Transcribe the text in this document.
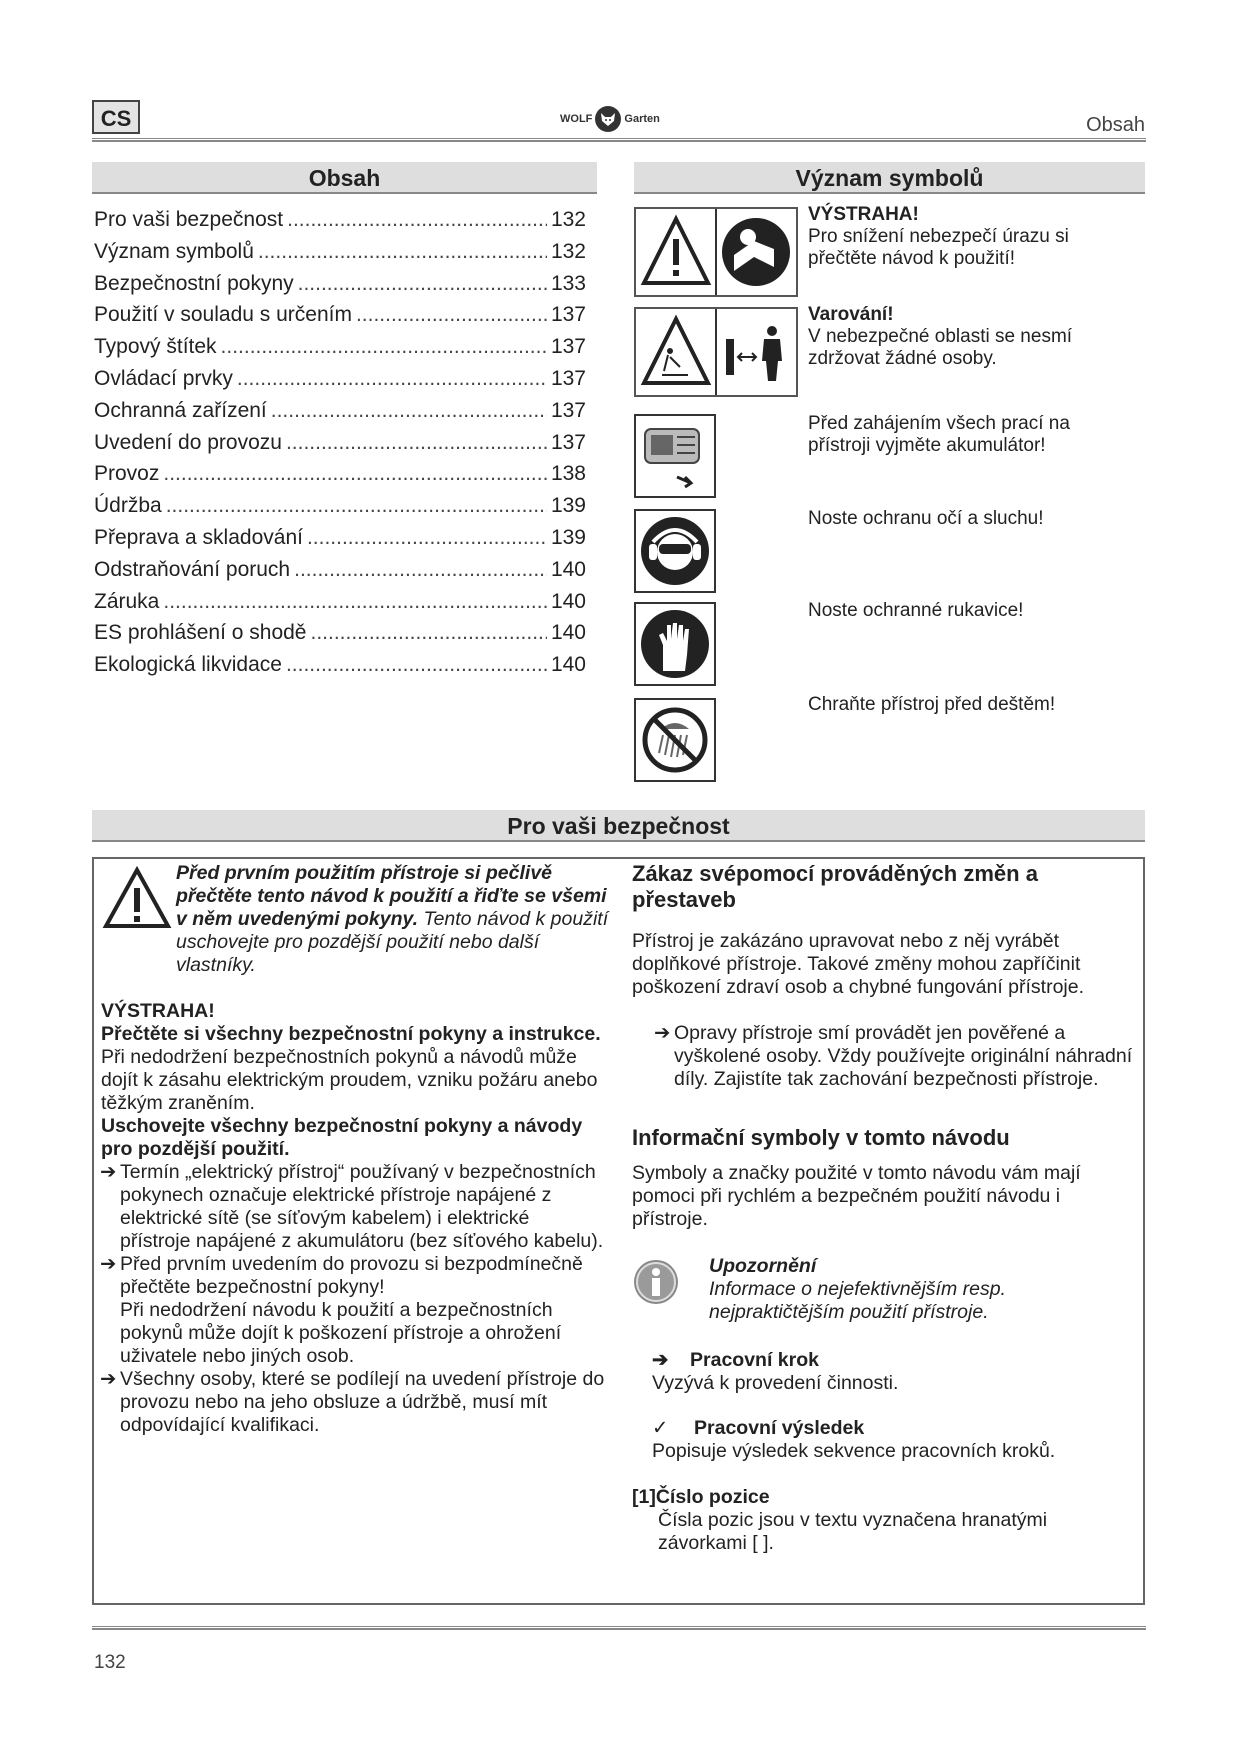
CS	WOLF	Garten	Obsah
Obsah
Pro vaši bezpečnost .....	132
Význam symbolů .....	132
Bezpečnostní pokyny .....	133
Použití v souladu s určením .....	137
Typový štítek .....	137
Ovládací prvky .....	137
Ochranná zařízení .....	137
Uvedení do provozu .....	137
Provoz .....	138
Údržba .....	139
Přeprava a skladování .....	139
Odstraňování poruch .....	140
Záruka .....	140
ES prohlášení o shodě .....	140
Ekologická likvidace .....	140
Význam symbolů
VÝSTRAHA!
Pro snížení nebezpečí úrazu si přečtěte návod k použití!
Varování!
V nebezpečné oblasti se nesmí zdržovat žádné osoby.
Před zahájením všech prací na přístroji vyjměte akumulátor!
Noste ochranu očí a sluchu!
Noste ochranné rukavice!
Chraňte přístroj před deštěm!
Pro vaši bezpečnost
Před prvním použitím přístroje si pečlivě přečtěte tento návod k použití a řiďte se všemi v něm uvedenými pokyny. Tento návod k použití uschovejte pro pozdější použití nebo další vlastníky.
VÝSTRAHA!
Přečtěte si všechny bezpečnostní pokyny a instrukce. Při nedodržení bezpečnostních pokynů a návodů může dojít k zásahu elektrickým proudem, vzniku požáru anebo těžkým zraněním.
Uschovejte všechny bezpečnostní pokyny a návody pro pozdější použití.
➔ Termín „elektrický přístroj“ používaný v bezpečnostních pokynech označuje elektrické přístroje napájené z elektrické sítě (se síťovým kabelem) i elektrické přístroje napájené z akumulátoru (bez síťového kabelu).
➔ Před prvním uvedením do provozu si bezpodmínečně přečtěte bezpečnostní pokyny!
Při nedodržení návodu k použití a bezpečnostních pokynů může dojít k poškození přístroje a ohrožení uživatele nebo jiných osob.
➔ Všechny osoby, které se podílejí na uvedení přístroje do provozu nebo na jeho obsluze a údržbě, musí mít odpovídající kvalifikaci.
Zákaz svépomocí prováděných změn a přestaveb
Přístroj je zakázáno upravovat nebo z něj vyrábět doplňkové přístroje. Takové změny mohou zapříčinit poškození zdraví osob a chybné fungování přístroje.
➔ Opravy přístroje smí provádět jen pověřené a vyškolené osoby. Vždy používejte originální náhradní díly. Zajistíte tak zachování bezpečnosti přístroje.
Informační symboly v tomto návodu
Symboly a značky použité v tomto návodu vám mají pomoci při rychlém a bezpečném použití návodu i přístroje.
Upozornění
Informace o nejefektivnějším resp. nejpraktičtějším použití přístroje.
➔ Pracovní krok
Vyzývá k provedení činnosti.
✓ Pracovní výsledek
Popisuje výsledek sekvence pracovních kroků.
[1]Číslo pozice

Čísla pozic jsou v textu vyznačena hranatými závorkami [ ].
132
